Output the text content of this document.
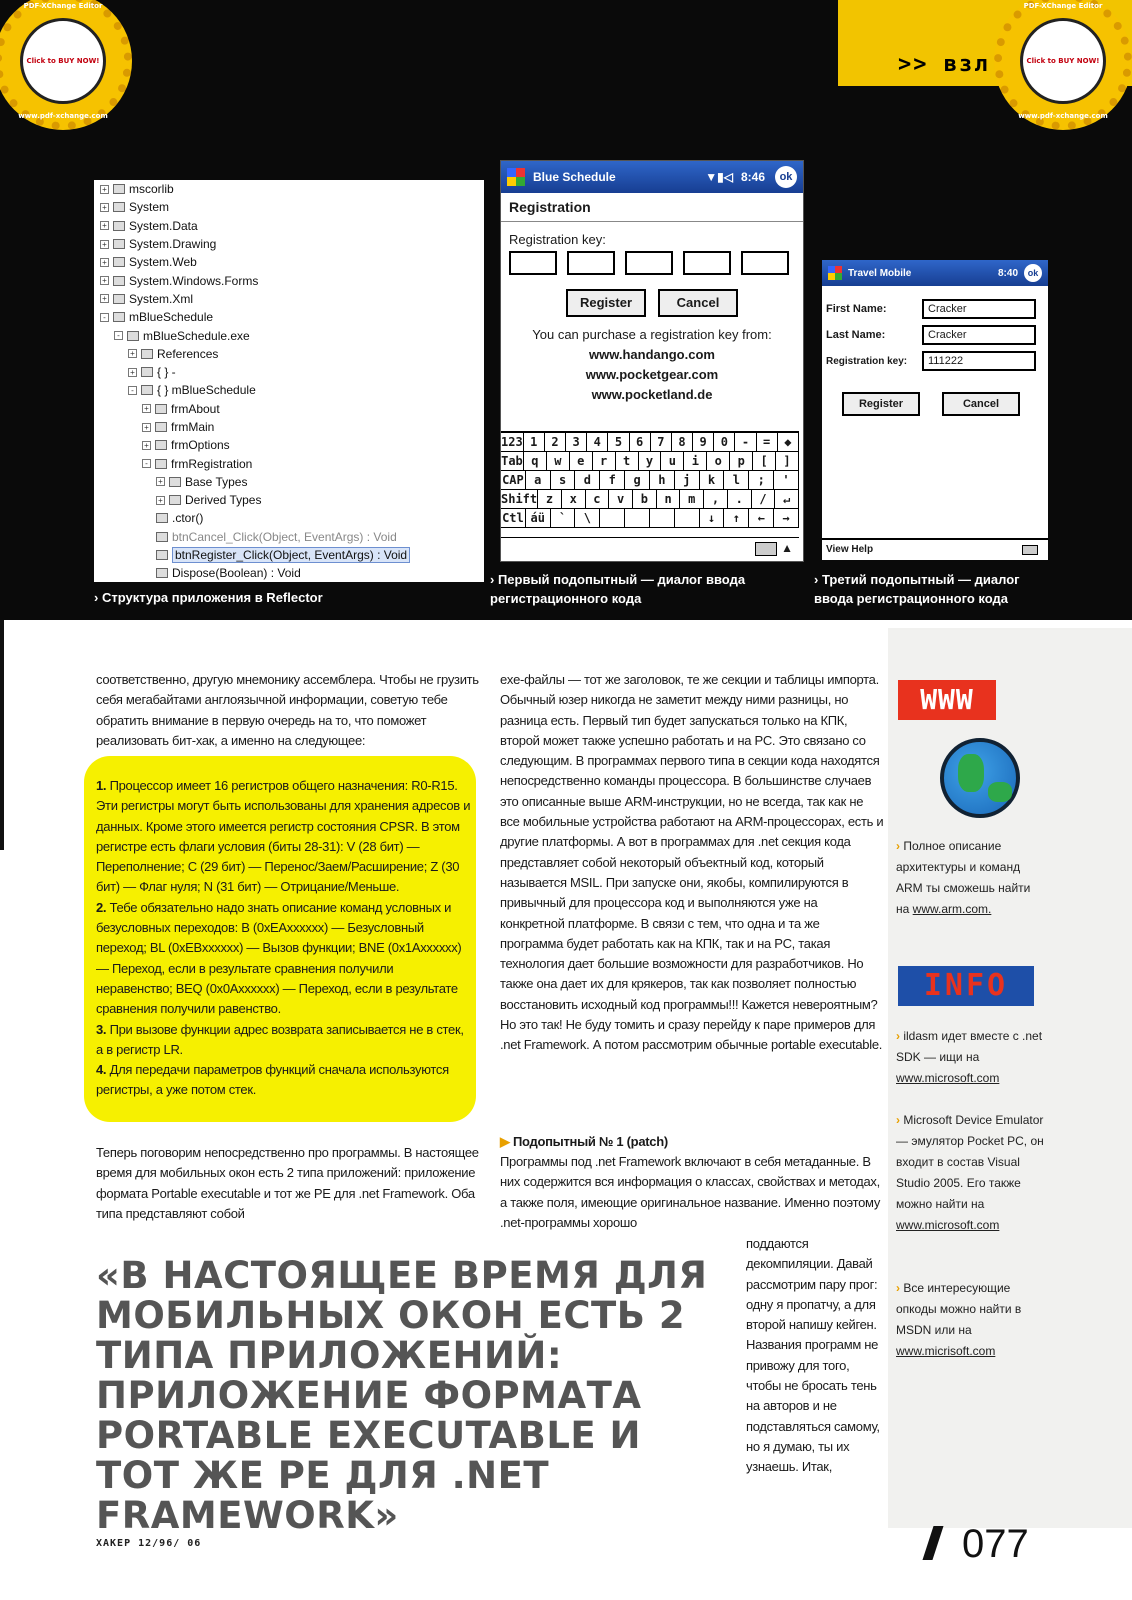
>> взл
PDF-XChange Editor
Click to BUY NOW!
www.pdf-xchange.com
PDF-XChange Editor
Click to BUY NOW!
www.pdf-xchange.com
+ mscorlib
+ System
+ System.Data
+ System.Drawing
+ System.Web
+ System.Windows.Forms
+ System.Xml
- mBlueSchedule
- mBlueSchedule.exe
+ References
+ { } -
- { } mBlueSchedule
+ frmAbout
+ frmMain
+ frmOptions
- frmRegistration
+ Base Types
+ Derived Types
.ctor()
btnCancel_Click(Object, EventArgs) : Void
btnRegister_Click(Object, EventArgs) : Void
Dispose(Boolean) : Void
› Структура приложения в Reflector
Blue Schedule	▼▮◁ 8:46	ok
Registration
Registration key:
Register	Cancel
You can purchase a registration key from:
www.handango.com
www.pocketgear.com
www.pocketland.de
123 1	2	3	4	5	6	7	8	9	0	-	=	◆
Tab q	w	e	r	t	y	u	i	o	p	[	]
CAP a	s	d	f	g	h	j	k	l	;	'
Shift z	x	c	v	b	n	m	,	.	/	↵
Ctl áü	`	\	↓	↑	←	→
▲
› Первый подопытный — диалог ввода регистрационного кода
Travel Mobile	8:40	ok
First Name:	Cracker
Last Name:	Cracker
Registration key:	111222
Register	Cancel
View Help
› Третий подопытный — диалог ввода регистрационного кода
WWW
› Полное описание архитектуры и команд ARM ты сможешь найти на www.arm.com.
INFO
› ildasm идет вместе с .net SDK — ищи на www.microsoft.com
› Microsoft Device Emulator — эмулятор Pocket PC, он входит в состав Visual Studio 2005. Его также можно найти на www.microsoft.com
› Все интересующие опкоды можно найти в MSDN или на www.micrisoft.com
соответственно, другую мнемонику ассемблера. Чтобы не грузить себя мегабайтами англоязычной информации, советую тебе обратить внимание в первую очередь на то, что поможет реализовать бит-хак, а именно на следующее:

1. Процессор имеет 16 регистров общего назначения: R0-R15. Эти регистры могут быть использованы для хранения адресов и данных. Кроме этого имеется регистр состояния CPSR. В этом регистре есть флаги условия (биты 28-31): V (28 бит) — Переполнение; C (29 бит) — Перенос/Заем/Расширение; Z (30 бит) — Флаг нуля; N (31 бит) — Отрицание/Меньше.

2. Тебе обязательно надо знать описание команд условных и безусловных переходов: B (0xEAxxxxxx) — Безусловный переход; BL (0xEBxxxxxx) — Вызов функции; BNE (0x1Axxxxxx) — Переход, если в результате сравнения получили неравенство; BEQ (0x0Axxxxxx) — Переход, если в результате сравнения получили равенство.

3. При вызове функции адрес возврата записывается не в стек, а в регистр LR.

4. Для передачи параметров функций сначала используются регистры, а уже потом стек.

Теперь поговорим непосредственно про программы. В настоящее время для мобильных окон есть 2 типа приложений: приложение формата Portable executable и тот же PE для .net Framework. Оба типа представляют собой
exe-файлы — тот же заголовок, те же секции и таблицы импорта. Обычный юзер никогда не заметит между ними разницы, но разница есть. Первый тип будет запускаться только на КПК, второй может также успешно работать и на PC. Это связано со следующим. В программах первого типа в секции кода находятся непосредственно команды процессора. В большинстве случаев это описанные выше ARM-инструкции, но не всегда, так как не все мобильные устройства работают на ARM-процессорах, есть и другие платформы. А вот в программах для .net секция кода представляет собой некоторый объектный код, который называется MSIL. При запуске они, якобы, компилируются в привычный для процессора код и выполняются уже на конкретной платформе. В связи с тем, что одна и та же программа будет работать как на КПК, так и на PC, такая технология дает большие возможности для разработчиков. Но также она дает их для крякеров, так как позволяет полностью восстановить исходный код программы!!! Кажется невероятным? Но это так! Не буду томить и сразу перейду к паре примеров для .net Framework. А потом рассмотрим обычные portable executable.
▶ Подопытный № 1 (patch)
Программы под .net Framework включают в себя метаданные. В них содержится вся информация о классах, свойствах и методах, а также поля, имеющие оригинальное название. Именно поэтому .net-программы хорошо
поддаются декомпиляции. Давай рассмотрим пару прог: одну я пропатчу, а для второй напишу кейген. Названия программ не привожу для того, чтобы не бросать тень на авторов и не подставляться самому, но я думаю, ты их узнаешь. Итак,
«В НАСТОЯЩЕЕ ВРЕМЯ ДЛЯ МОБИЛЬНЫХ ОКОН ЕСТЬ 2 ТИПА ПРИЛОЖЕНИЙ: ПРИЛОЖЕНИЕ ФОРМАТА PORTABLE EXECUTABLE И ТОТ ЖЕ PE ДЛЯ .NET FRAMEWORK»
ХАКЕР 12/96/ 06	077
